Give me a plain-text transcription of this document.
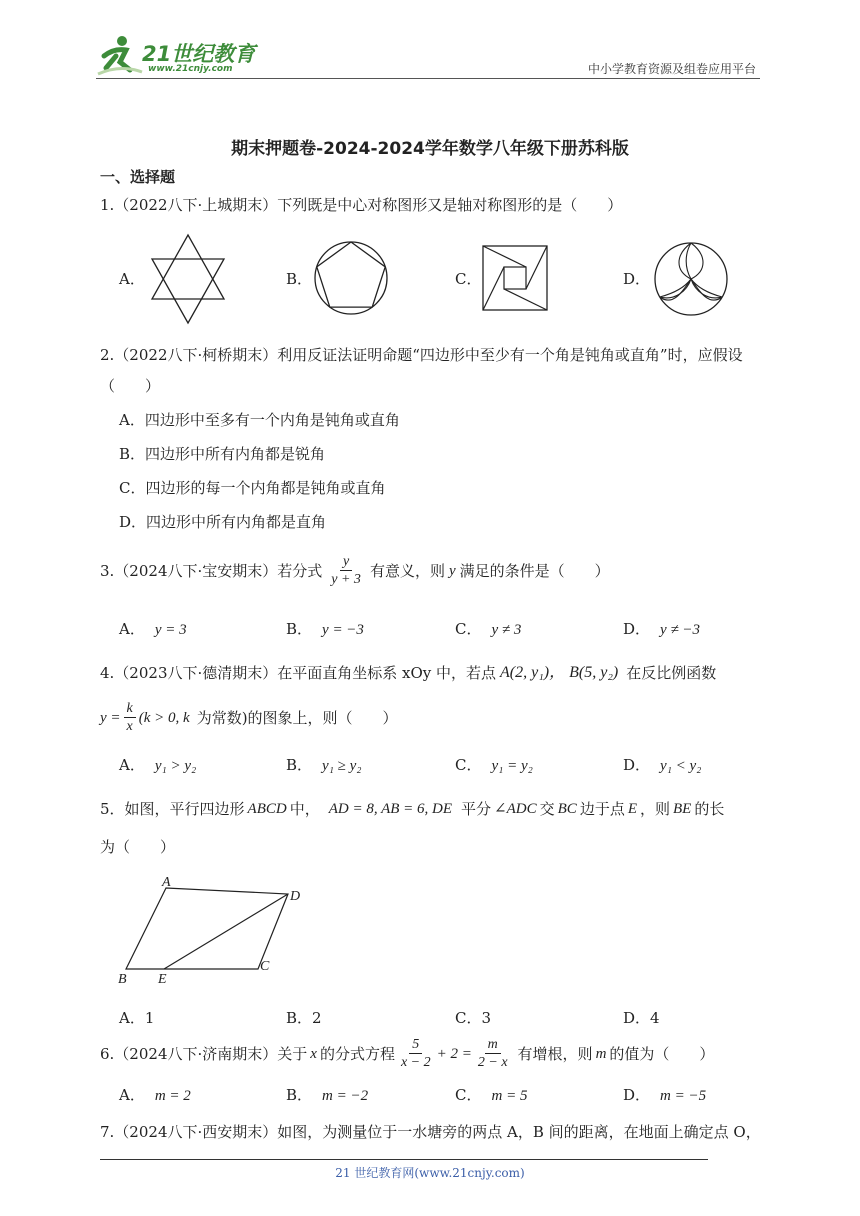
21世纪教育
www.21cnjy.com	中小学教育资源及组卷应用平台
期末押题卷-2024-2024学年数学八年级下册苏科版
一、选择题
1.（2022八下·上城期末）下列既是中心对称图形又是轴对称图形的是（　　）
A．	B．	C．	D．
2.（2022八下·柯桥期末）利用反证法证明命题“四边形中至少有一个角是钝角或直角”时，应假设
（　　）
A．四边形中至多有一个内角是钝角或直角
B．四边形中所有内角都是锐角
C．四边形的每一个内角都是钝角或直角
D．四边形中所有内角都是直角
3.（2024八下·宝安期末）若分式 $\frac{y}{y + 3}$ 有意义，则 y 满足的条件是（　　）
A． y = 3	B． y = −3	C． y ≠ 3	D． y ≠ −3
4.（2023八下·德清期末）在平面直角坐标系 xOy 中，若点 A(2, y₁)， B(5, y₂) 在反比例函数
$y = \frac{k}{x} (k > 0$, k 为常数)的图象上，则（　　）
A． y₁ > y₂	B． y₁ ≥ y₂	C． y₁ = y₂	D． y₁ < y₂
5．如图，平行四边形 ABCD 中， AD = 8, AB = 6, DE 平分 ∠ADC 交 BC 边于点 E ，则 BE 的长
为（　　）
A
D
B E
C
A．1	B．2	C．3	D．4
6.（2024八下·济南期末）关于 x 的分式方程 $\frac{5}{x - 2} + 2 = \frac{m}{2 - x}$ 有增根，则 m 的值为（　　）
A． m = 2	B． m = −2	C． m = 5	D． m = −5
7.（2024八下·西安期末）如图，为测量位于一水塘旁的两点 A，B 间的距离，在地面上确定点 O，
21 世纪教育网(www.21cnjy.com)
